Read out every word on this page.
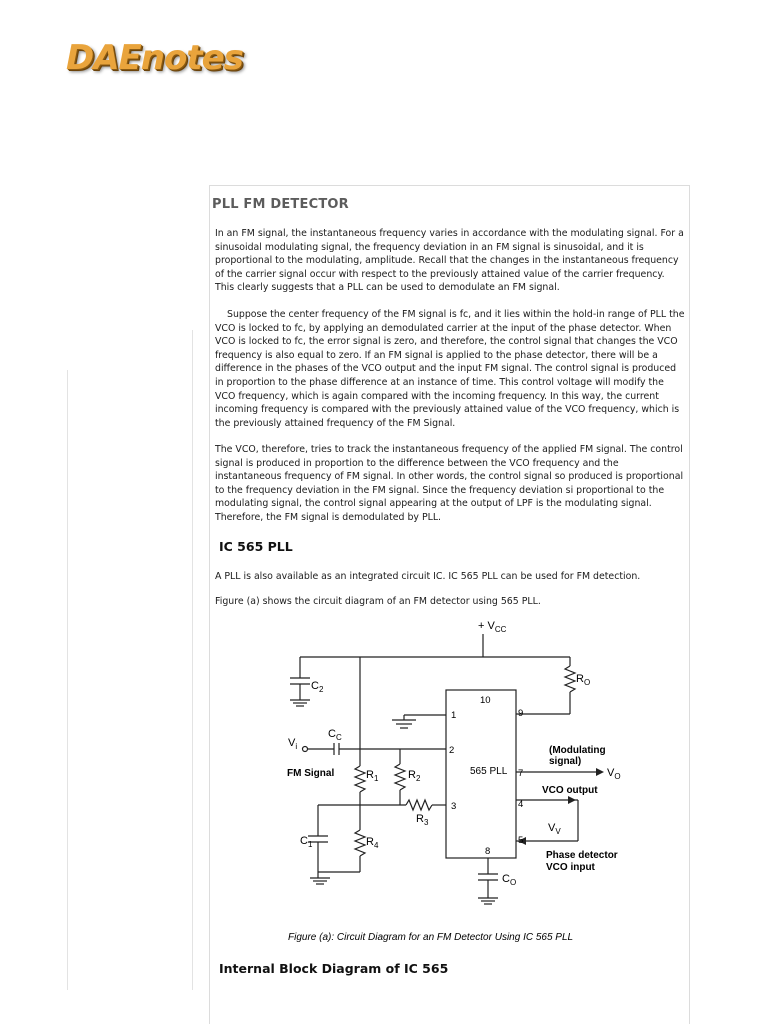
DAEnotes
PLL FM DETECTOR

In an FM signal, the instantaneous frequency varies in accordance with the modulating signal. For a sinusoidal modulating signal, the frequency deviation in an FM signal is sinusoidal, and it is proportional to the modulating, amplitude. Recall that the changes in the instantaneous frequency of the carrier signal occur with respect to the previously attained value of the carrier frequency. This clearly suggests that a PLL can be used to demodulate an FM signal.

Suppose the center frequency of the FM signal is fc, and it lies within the hold-in range of PLL the VCO is locked to fc, by applying an demodulated carrier at the input of the phase detector. When VCO is locked to fc, the error signal is zero, and therefore, the control signal that changes the VCO frequency is also equal to zero. If an FM signal is applied to the phase detector, there will be a difference in the phases of the VCO output and the input FM signal. The control signal is produced in proportion to the phase difference at an instance of time. This control voltage will modify the VCO frequency, which is again compared with the incoming frequency. In this way, the current incoming frequency is compared with the previously attained value of the VCO frequency, which is the previously attained frequency of the FM Signal.

The VCO, therefore, tries to track the instantaneous frequency of the applied FM signal. The control signal is produced in proportion to the difference between the VCO frequency and the instantaneous frequency of FM signal. In other words, the control signal so produced is proportional to the frequency deviation in the FM signal. Since the frequency deviation si proportional to the modulating signal, the control signal appearing at the output of LPF is the modulating signal. Therefore, the FM signal is demodulated by PLL.

IC 565 PLL

A PLL is also available as an integrated circuit IC. IC 565 PLL can be used for FM detection.

Figure (a) shows the circuit diagram of an FM detector using 565 PLL.

10
1
2
3
9
7
4
5
8
565 PLL
+ $V_{CC}$
$C_2$
$C_C$
$V_i$
FM Signal	$R_1$	$R_2$
$R_3$
$R_4$
$C_1$
$R_O$
$C_O$
$V_O$
$V_V$
(Modulating
signal)
VCO output
Phase detector
VCO input
Figure (a): Circuit Diagram for an FM Detector Using IC 565 PLL
Internal Block Diagram of IC 565
